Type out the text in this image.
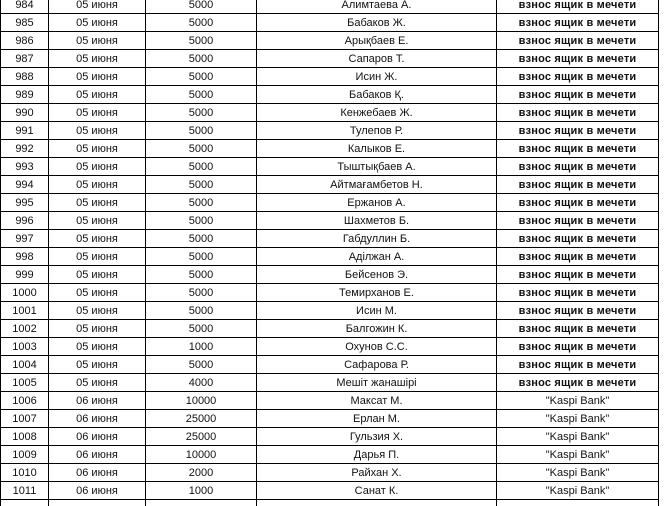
984	05 июня	5000	Алимтаева А.	взнос ящик в мечети
985	05 июня	5000	Бабаков Ж.	взнос ящик в мечети
986	05 июня	5000	Арықбаев Е.	взнос ящик в мечети
987	05 июня	5000	Сапаров Т.	взнос ящик в мечети
988	05 июня	5000	Исин Ж.	взнос ящик в мечети
989	05 июня	5000	Бабаков Қ.	взнос ящик в мечети
990	05 июня	5000	Кенжебаев Ж.	взнос ящик в мечети
991	05 июня	5000	Тулепов Р.	взнос ящик в мечети
992	05 июня	5000	Калыков Е.	взнос ящик в мечети
993	05 июня	5000	Тыштықбаев А.	взнос ящик в мечети
994	05 июня	5000	Айтмағамбетов Н.	взнос ящик в мечети
995	05 июня	5000	Ержанов А.	взнос ящик в мечети
996	05 июня	5000	Шахметов Б.	взнос ящик в мечети
997	05 июня	5000	Габдуллин Б.	взнос ящик в мечети
998	05 июня	5000	Аділжан А.	взнос ящик в мечети
999	05 июня	5000	Бейсенов Э.	взнос ящик в мечети
1000	05 июня	5000	Темирханов Е.	взнос ящик в мечети
1001	05 июня	5000	Исин М.	взнос ящик в мечети
1002	05 июня	5000	Балгожин К.	взнос ящик в мечети
1003	05 июня	1000	Охунов С.С.	взнос ящик в мечети
1004	05 июня	5000	Сафарова Р.	взнос ящик в мечети
1005	05 июня	4000	Мешіт жанашірі	взнос ящик в мечети
1006	06 июня	10000	Максат М.	"Kaspi Bank"
1007	06 июня	25000	Ерлан М.	"Kaspi Bank"
1008	06 июня	25000	Гульзия Х.	"Kaspi Bank"
1009	06 июня	10000	Дарья П.	"Kaspi Bank"
1010	06 июня	2000	Райхан Х.	"Kaspi Bank"
1011	06 июня	1000	Санат К.	"Kaspi Bank"
